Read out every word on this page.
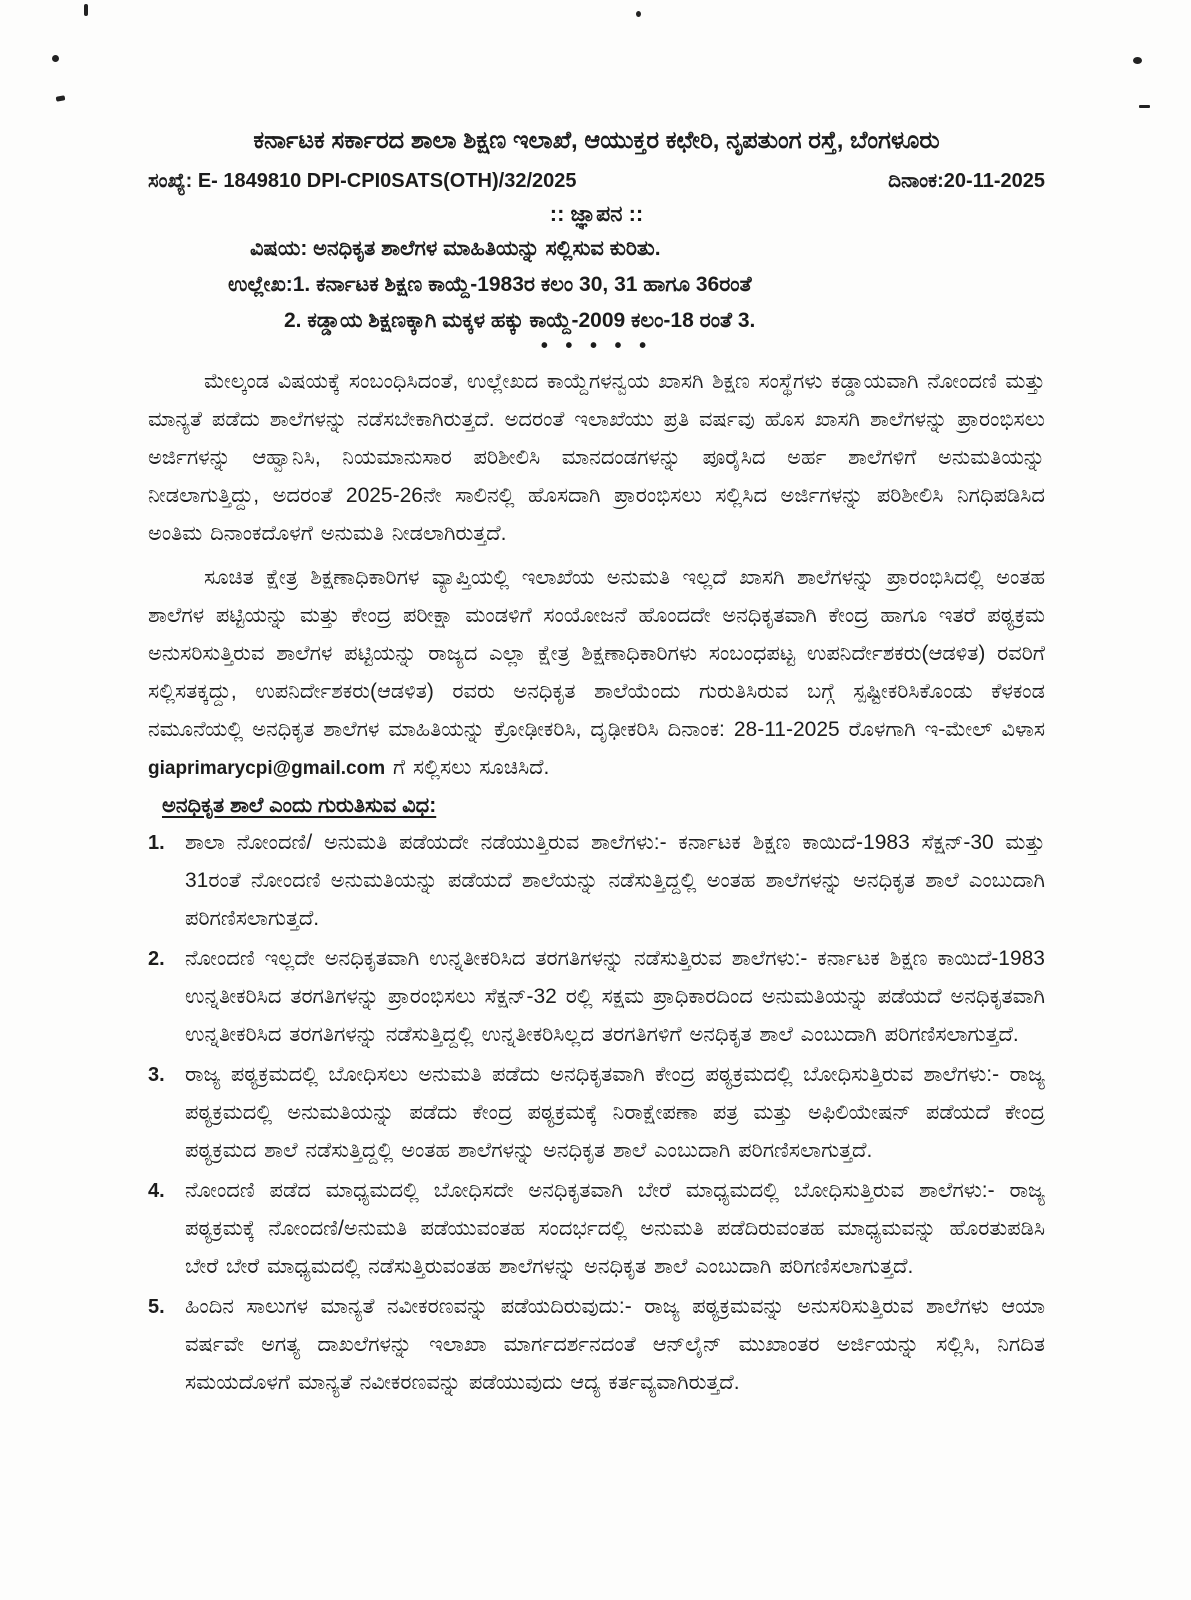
ಕರ್ನಾಟಕ ಸರ್ಕಾರದ ಶಾಲಾ ಶಿಕ್ಷಣ ಇಲಾಖೆ, ಆಯುಕ್ತರ ಕಛೇರಿ, ನೃಪತುಂಗ ರಸ್ತೆ, ಬೆಂಗಳೂರು
ಸಂಖ್ಯೆ: E- 1849810 DPI-CPI0SATS(OTH)/32/2025	ದಿನಾಂಕ:20-11-2025
:: ಜ್ಞಾಪನ ::
ವಿಷಯ: ಅನಧಿಕೃತ ಶಾಲೆಗಳ ಮಾಹಿತಿಯನ್ನು ಸಲ್ಲಿಸುವ ಕುರಿತು.
ಉಲ್ಲೇಖ:1. ಕರ್ನಾಟಕ ಶಿಕ್ಷಣ ಕಾಯ್ದೆ-1983ರ ಕಲಂ 30, 31 ಹಾಗೂ 36ರಂತೆ
2. ಕಡ್ಡಾಯ ಶಿಕ್ಷಣಕ್ಕಾಗಿ ಮಕ್ಕಳ ಹಕ್ಕು ಕಾಯ್ದೆ-2009 ಕಲಂ-18 ರಂತೆ 3.
• • • • •
ಮೇಲ್ಕಂಡ ವಿಷಯಕ್ಕೆ ಸಂಬಂಧಿಸಿದಂತೆ, ಉಲ್ಲೇಖದ ಕಾಯ್ದೆಗಳನ್ವಯ ಖಾಸಗಿ ಶಿಕ್ಷಣ ಸಂಸ್ಥೆಗಳು ಕಡ್ಡಾಯವಾಗಿ ನೋಂದಣಿ ಮತ್ತು ಮಾನ್ಯತೆ ಪಡೆದು ಶಾಲೆಗಳನ್ನು ನಡೆಸಬೇಕಾಗಿರುತ್ತದೆ. ಅದರಂತೆ ಇಲಾಖೆಯು ಪ್ರತಿ ವರ್ಷವು ಹೊಸ ಖಾಸಗಿ ಶಾಲೆಗಳನ್ನು ಪ್ರಾರಂಭಿಸಲು ಅರ್ಜಿಗಳನ್ನು ಆಹ್ವಾನಿಸಿ, ನಿಯಮಾನುಸಾರ ಪರಿಶೀಲಿಸಿ ಮಾನದಂಡಗಳನ್ನು ಪೂರೈಸಿದ ಅರ್ಹ ಶಾಲೆಗಳಿಗೆ ಅನುಮತಿಯನ್ನು ನೀಡಲಾಗುತ್ತಿದ್ದು, ಅದರಂತೆ 2025-26ನೇ ಸಾಲಿನಲ್ಲಿ ಹೊಸದಾಗಿ ಪ್ರಾರಂಭಿಸಲು ಸಲ್ಲಿಸಿದ ಅರ್ಜಿಗಳನ್ನು ಪರಿಶೀಲಿಸಿ ನಿಗಧಿಪಡಿಸಿದ ಅಂತಿಮ ದಿನಾಂಕದೊಳಗೆ ಅನುಮತಿ ನೀಡಲಾಗಿರುತ್ತದೆ.
ಸೂಚಿತ ಕ್ಷೇತ್ರ ಶಿಕ್ಷಣಾಧಿಕಾರಿಗಳ ವ್ಯಾಪ್ತಿಯಲ್ಲಿ ಇಲಾಖೆಯ ಅನುಮತಿ ಇಲ್ಲದೆ ಖಾಸಗಿ ಶಾಲೆಗಳನ್ನು ಪ್ರಾರಂಭಿಸಿದಲ್ಲಿ ಅಂತಹ ಶಾಲೆಗಳ ಪಟ್ಟಿಯನ್ನು ಮತ್ತು ಕೇಂದ್ರ ಪರೀಕ್ಷಾ ಮಂಡಳಿಗೆ ಸಂಯೋಜನೆ ಹೊಂದದೇ ಅನಧಿಕೃತವಾಗಿ ಕೇಂದ್ರ ಹಾಗೂ ಇತರೆ ಪಠ್ಯಕ್ರಮ ಅನುಸರಿಸುತ್ತಿರುವ ಶಾಲೆಗಳ ಪಟ್ಟಿಯನ್ನು ರಾಜ್ಯದ ಎಲ್ಲಾ ಕ್ಷೇತ್ರ ಶಿಕ್ಷಣಾಧಿಕಾರಿಗಳು ಸಂಬಂಧಪಟ್ಟ ಉಪನಿರ್ದೇಶಕರು(ಆಡಳಿತ) ರವರಿಗೆ ಸಲ್ಲಿಸತಕ್ಕದ್ದು, ಉಪನಿರ್ದೇಶಕರು(ಆಡಳಿತ) ರವರು ಅನಧಿಕೃತ ಶಾಲೆಯೆಂದು ಗುರುತಿಸಿರುವ ಬಗ್ಗೆ ಸ್ಪಷ್ಟೀಕರಿಸಿಕೊಂಡು ಕೆಳಕಂಡ ನಮೂನೆಯಲ್ಲಿ ಅನಧಿಕೃತ ಶಾಲೆಗಳ ಮಾಹಿತಿಯನ್ನು ಕ್ರೋಢೀಕರಿಸಿ, ದೃಢೀಕರಿಸಿ ದಿನಾಂಕ: 28-11-2025 ರೊಳಗಾಗಿ ಇ-ಮೇಲ್ ವಿಳಾಸ giaprimarycpi@gmail.com ಗೆ ಸಲ್ಲಿಸಲು ಸೂಚಿಸಿದೆ.
ಅನಧಿಕೃತ ಶಾಲೆ ಎಂದು ಗುರುತಿಸುವ ವಿಧ:
1. ಶಾಲಾ ನೋಂದಣಿ/ ಅನುಮತಿ ಪಡೆಯದೇ ನಡೆಯುತ್ತಿರುವ ಶಾಲೆಗಳು:- ಕರ್ನಾಟಕ ಶಿಕ್ಷಣ ಕಾಯಿದೆ-1983 ಸೆಕ್ಷನ್-30 ಮತ್ತು 31ರಂತೆ ನೋಂದಣಿ ಅನುಮತಿಯನ್ನು ಪಡೆಯದೆ ಶಾಲೆಯನ್ನು ನಡೆಸುತ್ತಿದ್ದಲ್ಲಿ ಅಂತಹ ಶಾಲೆಗಳನ್ನು ಅನಧಿಕೃತ ಶಾಲೆ ಎಂಬುದಾಗಿ ಪರಿಗಣಿಸಲಾಗುತ್ತದೆ.
2. ನೋಂದಣಿ ಇಲ್ಲದೇ ಅನಧಿಕೃತವಾಗಿ ಉನ್ನತೀಕರಿಸಿದ ತರಗತಿಗಳನ್ನು ನಡೆಸುತ್ತಿರುವ ಶಾಲೆಗಳು:- ಕರ್ನಾಟಕ ಶಿಕ್ಷಣ ಕಾಯಿದೆ-1983 ಉನ್ನತೀಕರಿಸಿದ ತರಗತಿಗಳನ್ನು ಪ್ರಾರಂಭಿಸಲು ಸೆಕ್ಷನ್-32 ರಲ್ಲಿ ಸಕ್ಷಮ ಪ್ರಾಧಿಕಾರದಿಂದ ಅನುಮತಿಯನ್ನು ಪಡೆಯದೆ ಅನಧಿಕೃತವಾಗಿ ಉನ್ನತೀಕರಿಸಿದ ತರಗತಿಗಳನ್ನು ನಡೆಸುತ್ತಿದ್ದಲ್ಲಿ ಉನ್ನತೀಕರಿಸಿಲ್ಲದ ತರಗತಿಗಳಿಗೆ ಅನಧಿಕೃತ ಶಾಲೆ ಎಂಬುದಾಗಿ ಪರಿಗಣಿಸಲಾಗುತ್ತದೆ.
3. ರಾಜ್ಯ ಪಠ್ಯಕ್ರಮದಲ್ಲಿ ಬೋಧಿಸಲು ಅನುಮತಿ ಪಡೆದು ಅನಧಿಕೃತವಾಗಿ ಕೇಂದ್ರ ಪಠ್ಯಕ್ರಮದಲ್ಲಿ ಬೋಧಿಸುತ್ತಿರುವ ಶಾಲೆಗಳು:- ರಾಜ್ಯ ಪಠ್ಯಕ್ರಮದಲ್ಲಿ ಅನುಮತಿಯನ್ನು ಪಡೆದು ಕೇಂದ್ರ ಪಠ್ಯಕ್ರಮಕ್ಕೆ ನಿರಾಕ್ಷೇಪಣಾ ಪತ್ರ ಮತ್ತು ಅಫಿಲಿಯೇಷನ್ ಪಡೆಯದೆ ಕೇಂದ್ರ ಪಠ್ಯಕ್ರಮದ ಶಾಲೆ ನಡೆಸುತ್ತಿದ್ದಲ್ಲಿ ಅಂತಹ ಶಾಲೆಗಳನ್ನು ಅನಧಿಕೃತ ಶಾಲೆ ಎಂಬುದಾಗಿ ಪರಿಗಣಿಸಲಾಗುತ್ತದೆ.
4. ನೋಂದಣಿ ಪಡೆದ ಮಾಧ್ಯಮದಲ್ಲಿ ಬೋಧಿಸದೇ ಅನಧಿಕೃತವಾಗಿ ಬೇರೆ ಮಾಧ್ಯಮದಲ್ಲಿ ಬೋಧಿಸುತ್ತಿರುವ ಶಾಲೆಗಳು:- ರಾಜ್ಯ ಪಠ್ಯಕ್ರಮಕ್ಕೆ ನೋಂದಣಿ/ಅನುಮತಿ ಪಡೆಯುವಂತಹ ಸಂದರ್ಭದಲ್ಲಿ ಅನುಮತಿ ಪಡೆದಿರುವಂತಹ ಮಾಧ್ಯಮವನ್ನು ಹೊರತುಪಡಿಸಿ ಬೇರೆ ಬೇರೆ ಮಾಧ್ಯಮದಲ್ಲಿ ನಡೆಸುತ್ತಿರುವಂತಹ ಶಾಲೆಗಳನ್ನು ಅನಧಿಕೃತ ಶಾಲೆ ಎಂಬುದಾಗಿ ಪರಿಗಣಿಸಲಾಗುತ್ತದೆ.
5. ಹಿಂದಿನ ಸಾಲುಗಳ ಮಾನ್ಯತೆ ನವೀಕರಣವನ್ನು ಪಡೆಯದಿರುವುದು:- ರಾಜ್ಯ ಪಠ್ಯಕ್ರಮವನ್ನು ಅನುಸರಿಸುತ್ತಿರುವ ಶಾಲೆಗಳು ಆಯಾ ವರ್ಷವೇ ಅಗತ್ಯ ದಾಖಲೆಗಳನ್ನು ಇಲಾಖಾ ಮಾರ್ಗದರ್ಶನದಂತೆ ಆನ್‌ಲೈನ್ ಮುಖಾಂತರ ಅರ್ಜಿಯನ್ನು ಸಲ್ಲಿಸಿ, ನಿಗದಿತ ಸಮಯದೊಳಗೆ ಮಾನ್ಯತೆ ನವೀಕರಣವನ್ನು ಪಡೆಯುವುದು ಆದ್ಯ ಕರ್ತವ್ಯವಾಗಿರುತ್ತದೆ.
